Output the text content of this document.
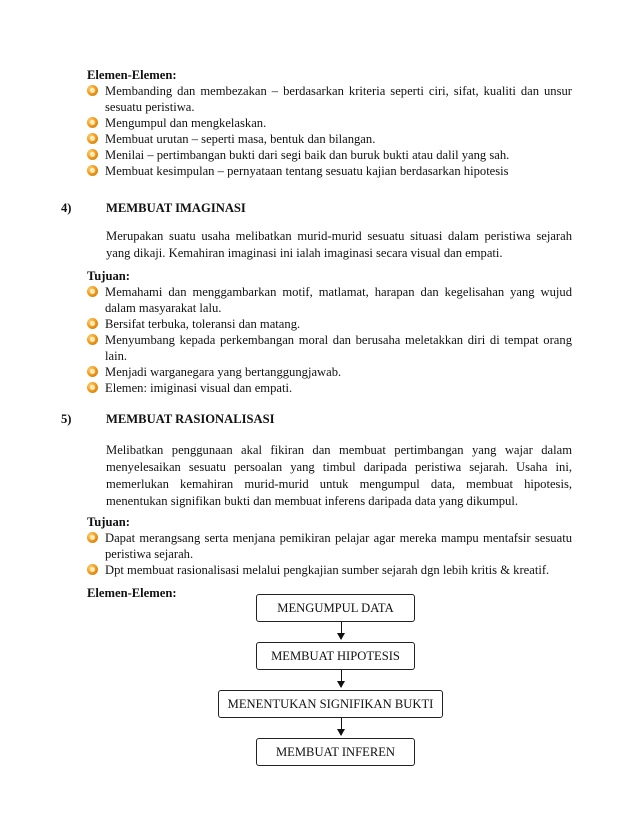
Elemen-Elemen:
Membanding dan membezakan – berdasarkan kriteria seperti ciri, sifat, kualiti dan unsur sesuatu peristiwa.
Mengumpul dan mengkelaskan.
Membuat urutan – seperti masa, bentuk dan bilangan.
Menilai – pertimbangan bukti dari segi baik dan buruk bukti atau dalil yang sah.
Membuat kesimpulan – pernyataan tentang sesuatu kajian berdasarkan hipotesis
4)	MEMBUAT IMAGINASI
Merupakan suatu usaha melibatkan murid-murid sesuatu situasi dalam peristiwa sejarah yang dikaji. Kemahiran imaginasi ini ialah imaginasi secara visual dan empati.
Tujuan:
Memahami dan menggambarkan motif, matlamat, harapan dan kegelisahan yang wujud dalam masyarakat lalu.
Bersifat terbuka, toleransi dan matang.
Menyumbang kepada perkembangan moral dan berusaha meletakkan diri di tempat orang lain.
Menjadi warganegara yang bertanggungjawab.
Elemen: imiginasi visual dan empati.
5)	MEMBUAT RASIONALISASI
Melibatkan penggunaan akal fikiran dan membuat pertimbangan yang wajar dalam menyelesaikan sesuatu persoalan yang timbul daripada peristiwa sejarah. Usaha ini, memerlukan kemahiran murid-murid untuk mengumpul data, membuat hipotesis, menentukan signifikan bukti dan membuat inferens daripada data yang dikumpul.
Tujuan:
Dapat merangsang serta menjana pemikiran pelajar agar mereka mampu mentafsir sesuatu peristiwa sejarah.
Dpt membuat rasionalisasi melalui pengkajian sumber sejarah dgn lebih kritis & kreatif.
Elemen-Elemen:
MENGUMPUL DATA
MEMBUAT HIPOTESIS
MENENTUKAN SIGNIFIKAN BUKTI
MEMBUAT INFEREN
